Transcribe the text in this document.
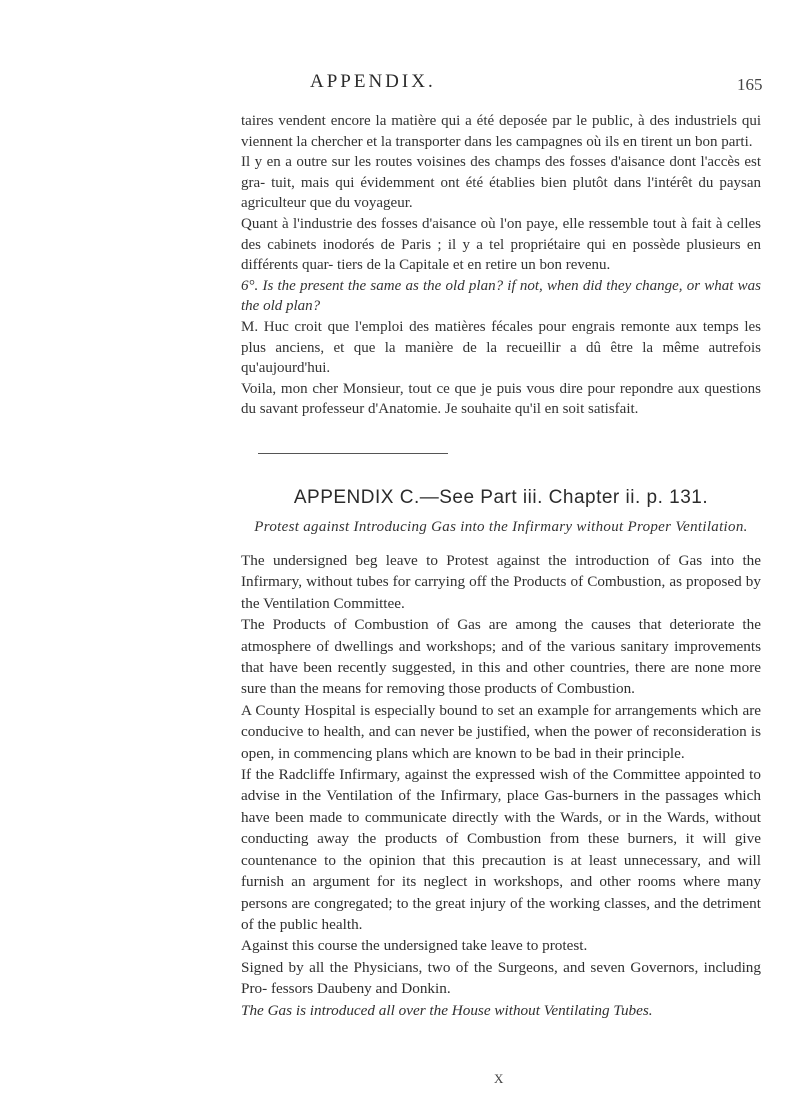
APPENDIX.	165

taires vendent encore la matière qui a été deposée par le public, à des industriels qui viennent la chercher et la transporter dans les campagnes où ils en tirent un bon parti.

Il y en a outre sur les routes voisines des champs des fosses d'aisance dont l'accès est gra- tuit, mais qui évidemment ont été établies bien plutôt dans l'intérêt du paysan agriculteur que du voyageur.

Quant à l'industrie des fosses d'aisance où l'on paye, elle ressemble tout à fait à celles des cabinets inodorés de Paris ; il y a tel propriétaire qui en possède plusieurs en différents quar- tiers de la Capitale et en retire un bon revenu.

6°. Is the present the same as the old plan? if not, when did they change, or what was the old plan?

M. Huc croit que l'emploi des matières fécales pour engrais remonte aux temps les plus anciens, et que la manière de la recueillir a dû être la même autrefois qu'aujourd'hui.

Voila, mon cher Monsieur, tout ce que je puis vous dire pour repondre aux questions du savant professeur d'Anatomie. Je souhaite qu'il en soit satisfait.

APPENDIX C.—See Part iii. Chapter ii. p. 131.
Protest against Introducing Gas into the Infirmary without Proper Ventilation.

The undersigned beg leave to Protest against the introduction of Gas into the Infirmary, without tubes for carrying off the Products of Combustion, as proposed by the Ventilation Committee.

The Products of Combustion of Gas are among the causes that deteriorate the atmosphere of dwellings and workshops; and of the various sanitary improvements that have been recently suggested, in this and other countries, there are none more sure than the means for removing those products of Combustion.

A County Hospital is especially bound to set an example for arrangements which are conducive to health, and can never be justified, when the power of reconsideration is open, in commencing plans which are known to be bad in their principle.

If the Radcliffe Infirmary, against the expressed wish of the Committee appointed to advise in the Ventilation of the Infirmary, place Gas-burners in the passages which have been made to communicate directly with the Wards, or in the Wards, without conducting away the products of Combustion from these burners, it will give countenance to the opinion that this precaution is at least unnecessary, and will furnish an argument for its neglect in workshops, and other rooms where many persons are congregated; to the great injury of the working classes, and the detriment of the public health.

Against this course the undersigned take leave to protest.

Signed by all the Physicians, two of the Surgeons, and seven Governors, including Pro- fessors Daubeny and Donkin.

The Gas is introduced all over the House without Ventilating Tubes.

X
